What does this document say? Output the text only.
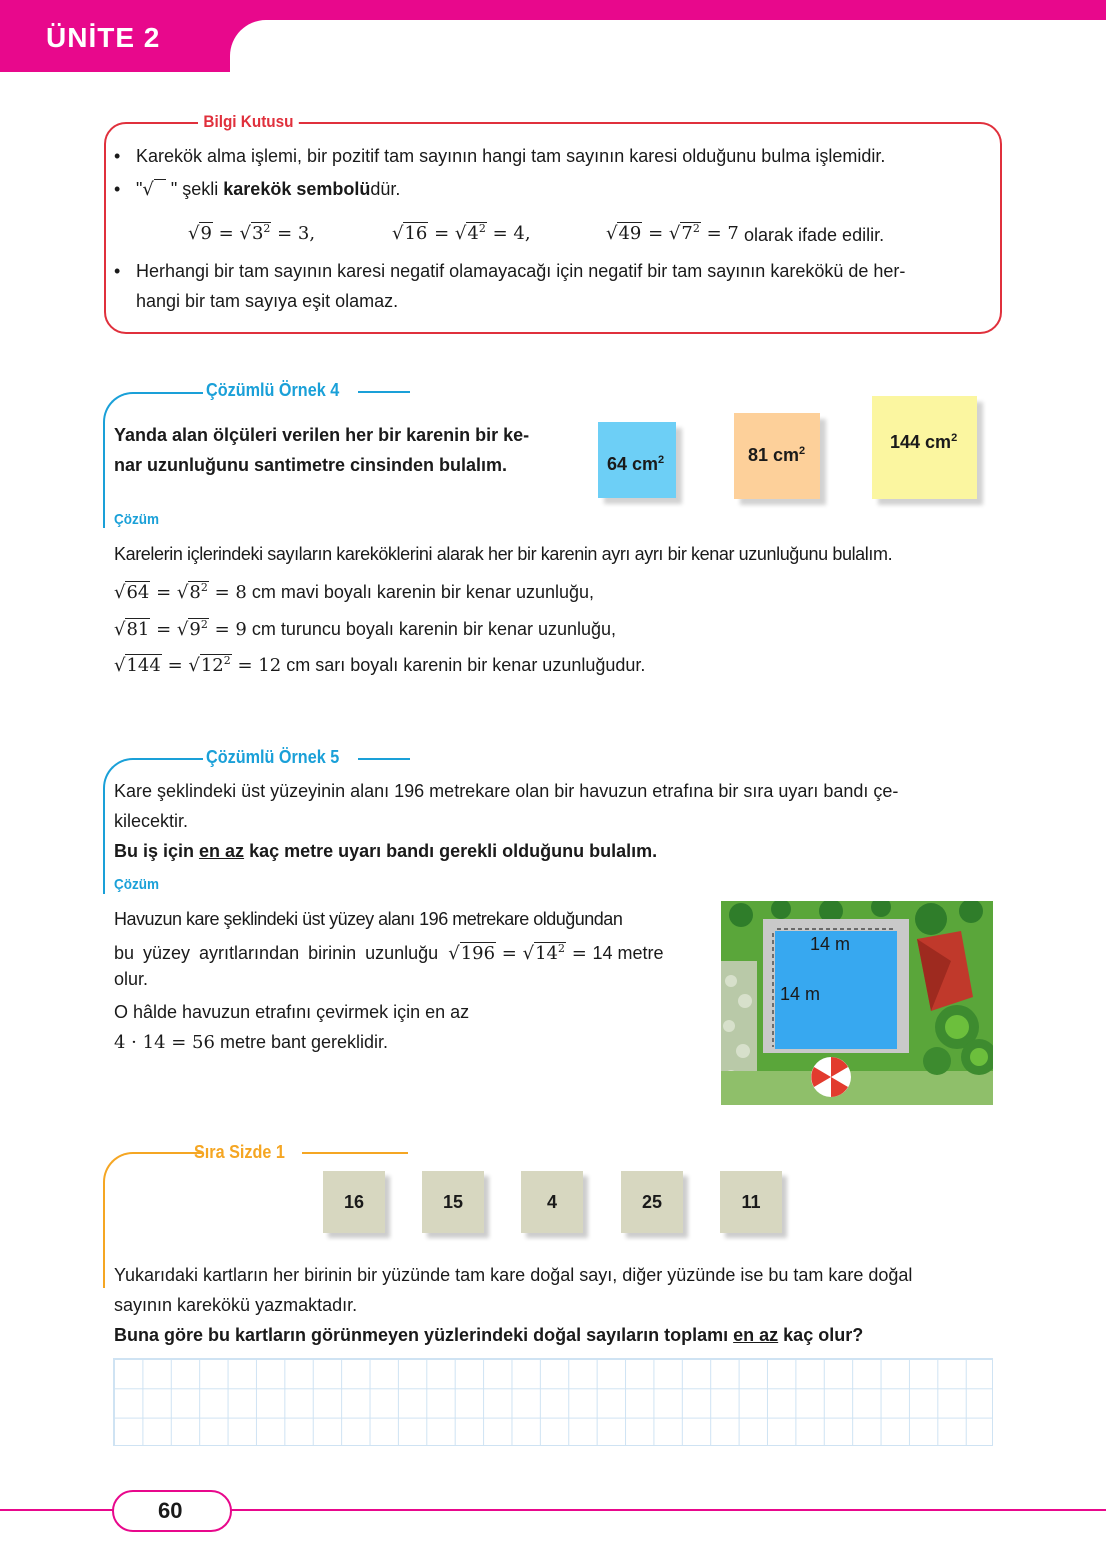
ÜNİTE 2
Bilgi Kutusu
• Karekök alma işlemi, bir pozitif tam sayının hangi tam sayının karesi olduğunu bulma işlemidir.
• "√ " şekli karekök sembolüdür.
$√9 = √3^2 = 3$,	$√16 = √4^2 = 4$,	$√49 = √7^2 = 7$ olarak ifade edilir.
• Herhangi bir tam sayının karesi negatif olamayacağı için negatif bir tam sayının karekökü de her-
hangi bir tam sayıya eşit olamaz.
Çözümlü Örnek 4
Yanda alan ölçüleri verilen her bir karenin bir ke-
nar uzunluğunu santimetre cinsinden bulalım.	64 $cm^2$	81 $cm^2$	144 $cm^2$
Çözüm
Karelerin içlerindeki sayıların kareköklerini alarak her bir karenin ayrı ayrı bir kenar uzunluğunu bulalım.
$√64 = √8^2 = 8$ cm mavi boyalı karenin bir kenar uzunluğu,
$√81 = √9^2 = 9$ cm turuncu boyalı karenin bir kenar uzunluğu,
$√144 = √12^2 = 12$ cm sarı boyalı karenin bir kenar uzunluğudur.
Çözümlü Örnek 5
Kare şeklindeki üst yüzeyinin alanı 196 metrekare olan bir havuzun etrafına bir sıra uyarı bandı çe-
kilecektir.
Bu iş için en az kaç metre uyarı bandı gerekli olduğunu bulalım.
Çözüm
Havuzun kare şeklindeki üst yüzey alanı 196 metrekare olduğundan
bu yüzey ayrıtlarından birinin uzunluğu $√196 = √14^2 = 14$ metre
olur.
O hâlde havuzun etrafını çevirmek için en az
4 · 14 = 56 metre bant gereklidir.
14 m
14 m
Sıra Sizde 1
16	15	4	25	11
Yukarıdaki kartların her birinin bir yüzünde tam kare doğal sayı, diğer yüzünde ise bu tam kare doğal
sayının karekökü yazmaktadır.
Buna göre bu kartların görünmeyen yüzlerindeki doğal sayıların toplamı en az kaç olur?
60
